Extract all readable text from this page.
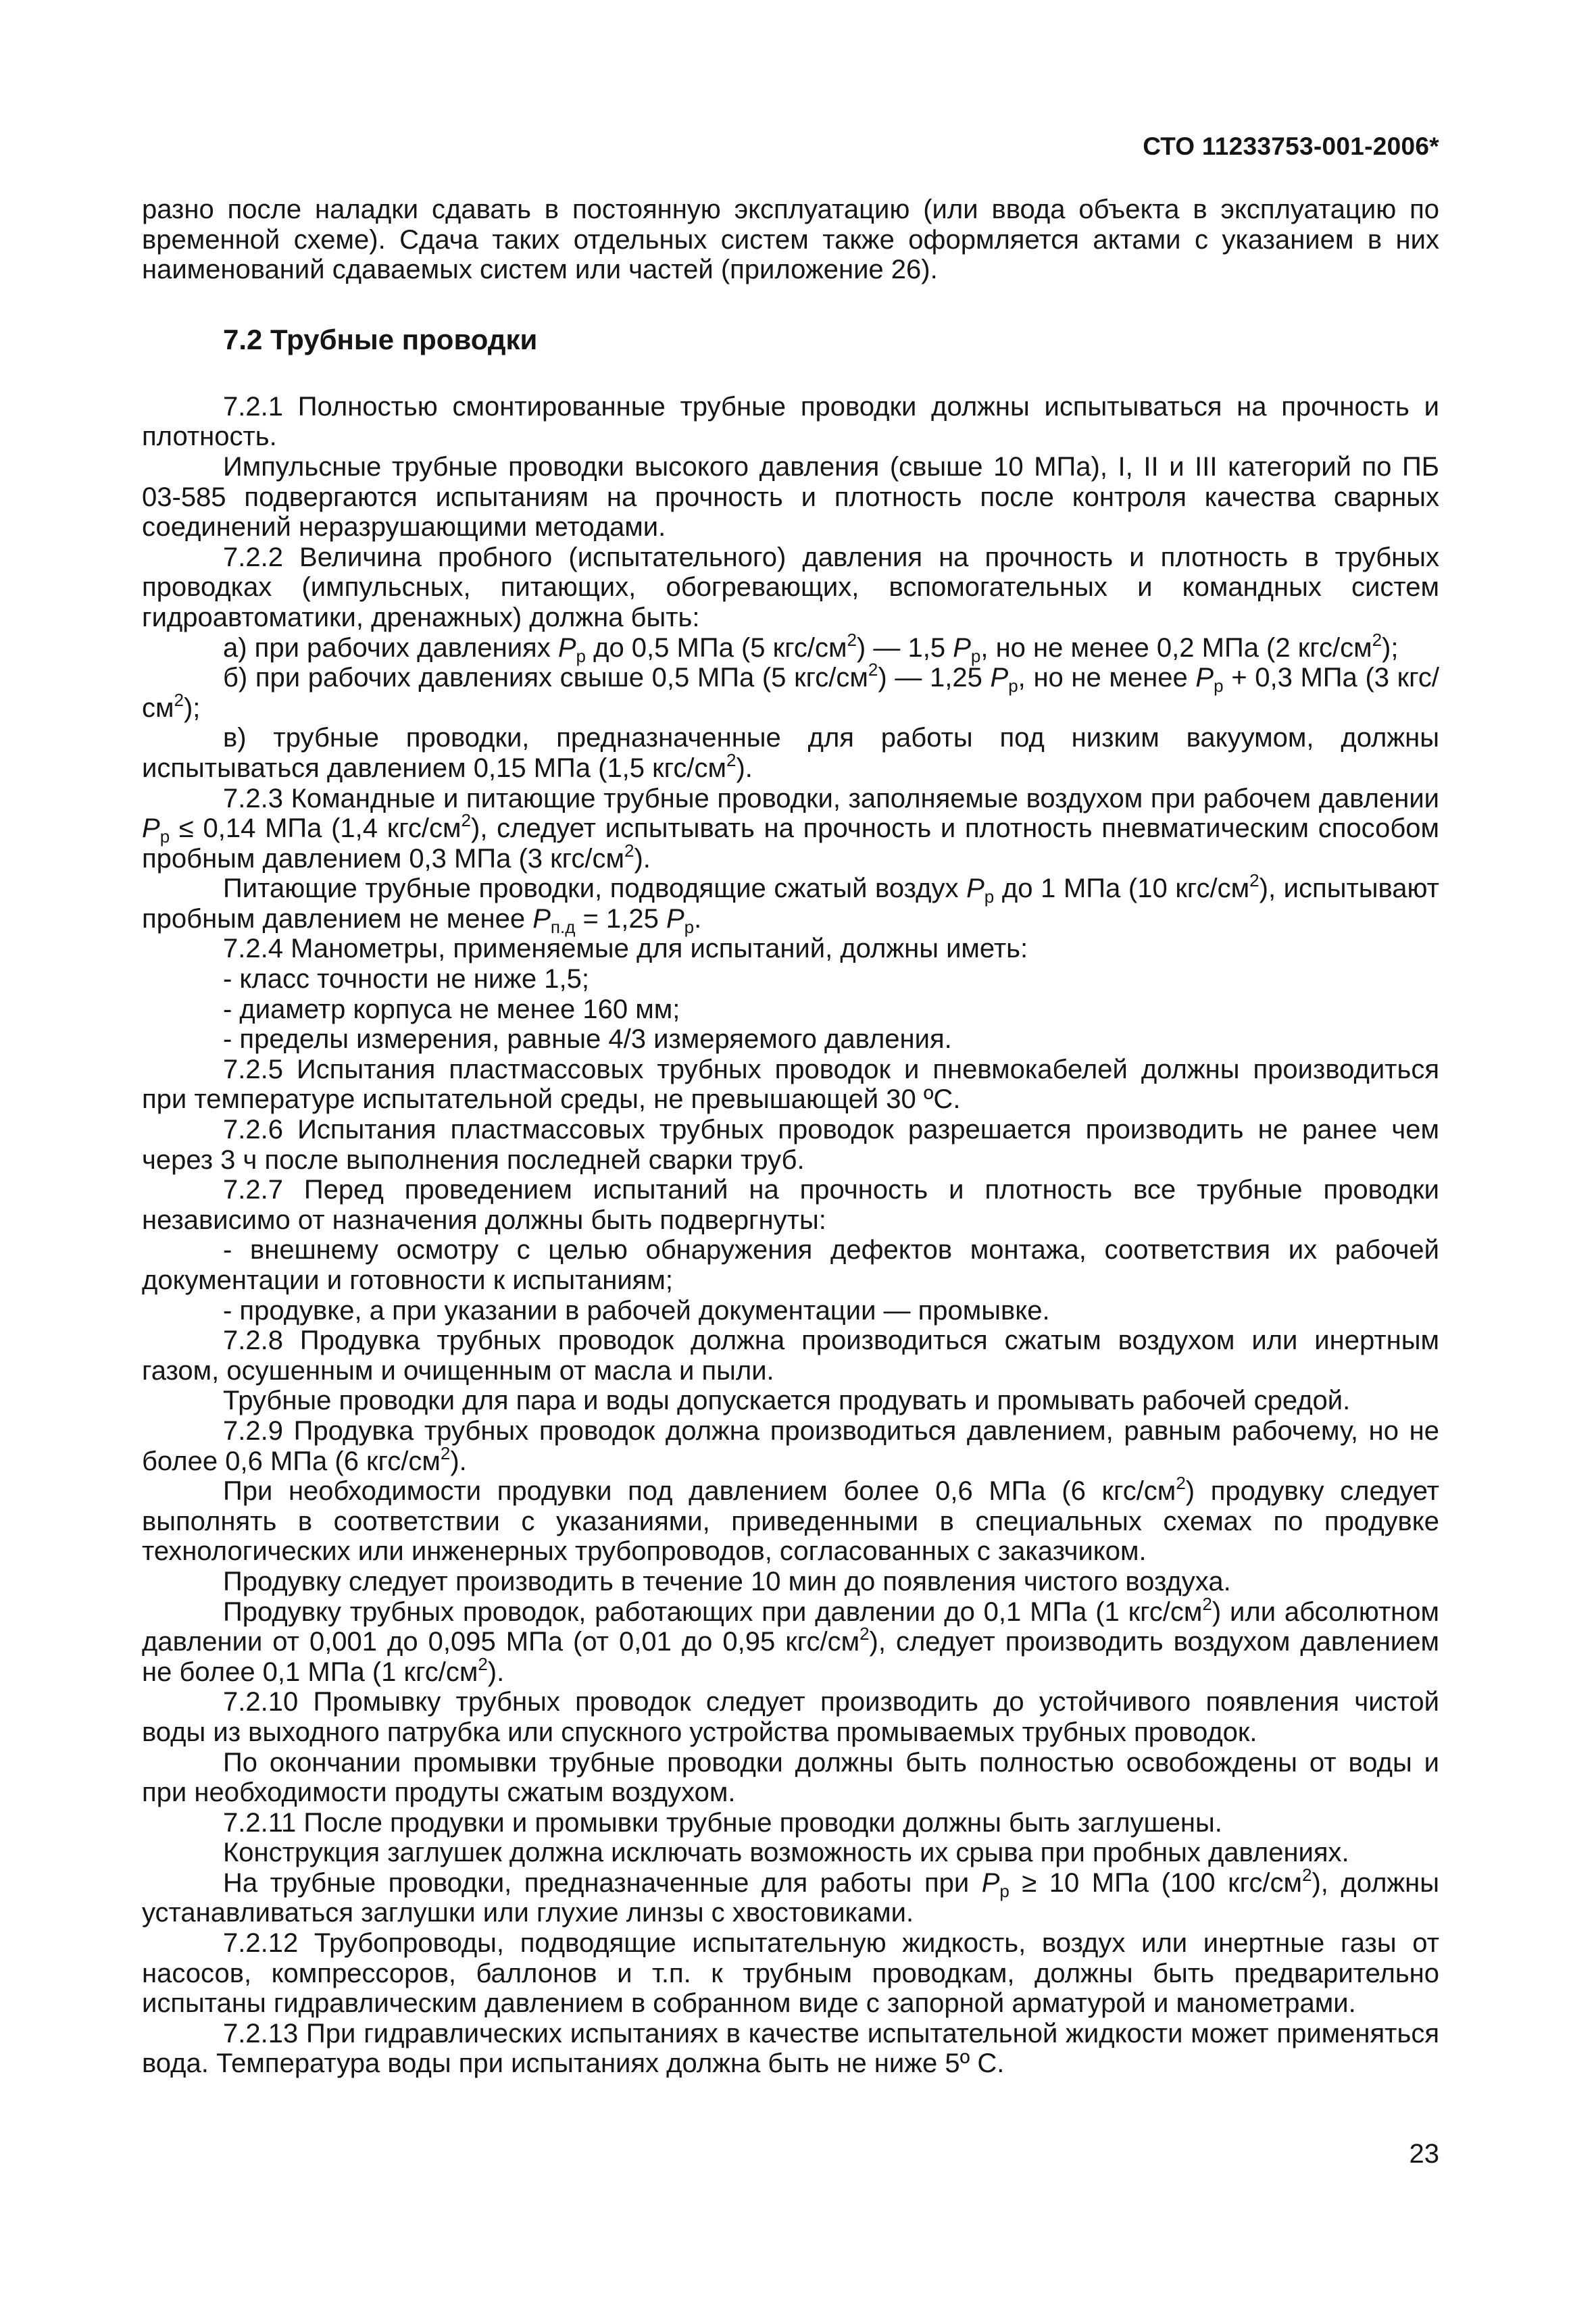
СТО 11233753-001-2006*

разно после наладки сдавать в постоянную эксплуатацию (или ввода объекта в эксплуатацию по временной схеме). Сдача таких отдельных систем также оформляется актами с указанием в них наименований сдаваемых систем или частей (приложение 26).

7.2 Трубные проводки

7.2.1 Полностью смонтированные трубные проводки должны испытываться на прочность и плотность.

Импульсные трубные проводки высокого давления (свыше 10 МПа), I, II и III категорий по ПБ 03-585 подвергаются испытаниям на прочность и плотность после контроля качества сварных соединений неразрушающими методами.

7.2.2 Величина пробного (испытательного) давления на прочность и плотность в трубных проводках (импульсных, питающих, обогревающих, вспомогательных и командных систем гидроавтоматики, дренажных) должна быть:

а) при рабочих давлениях $P_р$ до 0,5 МПа (5 кгс/$см^2$) — 1,5 $P_р$, но не менее 0,2 МПа (2 кгс/$см^2$);

б) при рабочих давлениях свыше 0,5 МПа (5 кгс/$см^2$) — 1,25 $P_р$, но не менее $P_р + 0,3$ МПа (3 кгс/$см^2$);

в) трубные проводки, предназначенные для работы под низким вакуумом, должны испытываться давлением 0,15 МПа (1,5 кгс/$см^2$).

7.2.3 Командные и питающие трубные проводки, заполняемые воздухом при рабочем давлении $P_р \le 0,14$ МПа (1,4 кгс/$см^2$), следует испытывать на прочность и плотность пневматическим способом пробным давлением 0,3 МПа (3 кгс/$см^2$).

Питающие трубные проводки, подводящие сжатый воздух $P_р$ до 1 МПа (10 кгс/$см^2$), испытывают пробным давлением не менее $P_{п.д} = 1,25$ $P_р$.

7.2.4 Манометры, применяемые для испытаний, должны иметь:

- класс точности не ниже 1,5;

- диаметр корпуса не менее 160 мм;

- пределы измерения, равные 4/3 измеряемого давления.

7.2.5 Испытания пластмассовых трубных проводок и пневмокабелей должны производиться при температуре испытательной среды, не превышающей 30 ºС.

7.2.6 Испытания пластмассовых трубных проводок разрешается производить не ранее чем через 3 ч после выполнения последней сварки труб.

7.2.7 Перед проведением испытаний на прочность и плотность все трубные проводки независимо от назначения должны быть подвергнуты:

- внешнему осмотру с целью обнаружения дефектов монтажа, соответствия их рабочей документации и готовности к испытаниям;

- продувке, а при указании в рабочей документации — промывке.

7.2.8 Продувка трубных проводок должна производиться сжатым воздухом или инертным газом, осушенным и очищенным от масла и пыли.

Трубные проводки для пара и воды допускается продувать и промывать рабочей средой.

7.2.9 Продувка трубных проводок должна производиться давлением, равным рабочему, но не более 0,6 МПа (6 кгс/$см^2$).

При необходимости продувки под давлением более 0,6 МПа (6 кгс/$см^2$) продувку следует выполнять в соответствии с указаниями, приведенными в специальных схемах по продувке технологических или инженерных трубопроводов, согласованных с заказчиком.

Продувку следует производить в течение 10 мин до появления чистого воздуха.

Продувку трубных проводок, работающих при давлении до 0,1 МПа (1 кгс/$см^2$) или абсолютном давлении от 0,001 до 0,095 МПа (от 0,01 до 0,95 кгс/$см^2$), следует производить воздухом давлением не более 0,1 МПа (1 кгс/$см^2$).

7.2.10 Промывку трубных проводок следует производить до устойчивого появления чистой воды из выходного патрубка или спускного устройства промываемых трубных проводок.

По окончании промывки трубные проводки должны быть полностью освобождены от воды и при необходимости продуты сжатым воздухом.

7.2.11 После продувки и промывки трубные проводки должны быть заглушены.

Конструкция заглушек должна исключать возможность их срыва при пробных давлениях.

На трубные проводки, предназначенные для работы при $P_р \ge 10$ МПа (100 кгс/$см^2$), должны устанавливаться заглушки или глухие линзы с хвостовиками.

7.2.12 Трубопроводы, подводящие испытательную жидкость, воздух или инертные газы от насосов, компрессоров, баллонов и т.п. к трубным проводкам, должны быть предварительно испытаны гидравлическим давлением в собранном виде с запорной арматурой и манометрами.

7.2.13 При гидравлических испытаниях в качестве испытательной жидкости может применяться вода. Температура воды при испытаниях должна быть не ниже 5º С.

23
